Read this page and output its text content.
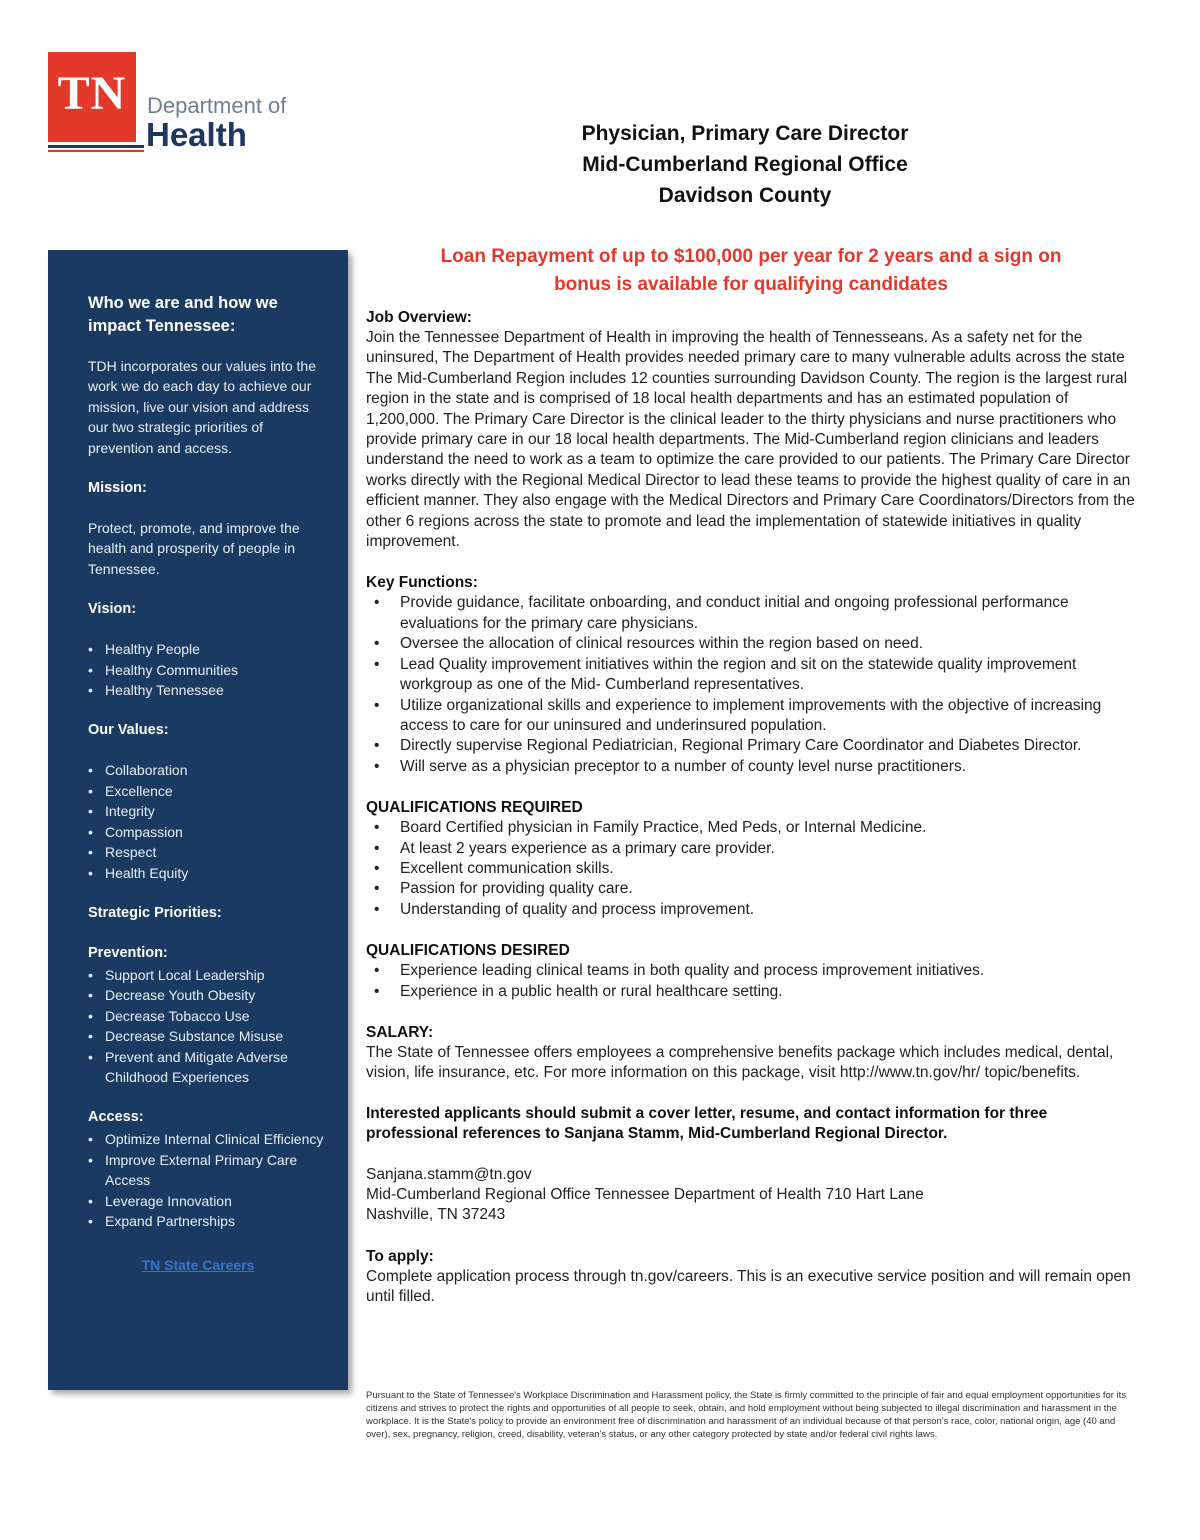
TN Department of
Health	Physician, Primary Care Director
Mid-Cumberland Regional Office
Davidson County
Who we are and how we impact Tennessee:

TDH incorporates our values into the work we do each day to achieve our mission, live our vision and address our two strategic priorities of prevention and access.

Mission:

Protect, promote, and improve the health and prosperity of people in Tennessee.

Vision:
• Healthy People
• Healthy Communities
• Healthy Tennessee
Our Values:
• Collaboration
• Excellence
• Integrity
• Compassion
• Respect
• Health Equity
Strategic Priorities:
Prevention:
• Support Local Leadership
• Decrease Youth Obesity
• Decrease Tobacco Use
• Decrease Substance Misuse
• Prevent and Mitigate Adverse Childhood Experiences
Access:
• Optimize Internal Clinical Efficiency
• Improve External Primary Care Access
• Leverage Innovation
• Expand Partnerships
TN State Careers
Loan Repayment of up to $100,000 per year for 2 years and a sign on
bonus is available for qualifying candidates
Job Overview:

Join the Tennessee Department of Health in improving the health of Tennesseans. As a safety net for the uninsured, The Department of Health provides needed primary care to many vulnerable adults across the state The Mid-Cumberland Region includes 12 counties surrounding Davidson County. The region is the largest rural region in the state and is comprised of 18 local health departments and has an estimated population of 1,200,000. The Primary Care Director is the clinical leader to the thirty physicians and nurse practitioners who provide primary care in our 18 local health departments. The Mid-Cumberland region clinicians and leaders understand the need to work as a team to optimize the care provided to our patients. The Primary Care Director works directly with the Regional Medical Director to lead these teams to provide the highest quality of care in an efficient manner. They also engage with the Medical Directors and Primary Care Coordinators/Directors from the other 6 regions across the state to promote and lead the implementation of statewide initiatives in quality improvement.

Key Functions:
• Provide guidance, facilitate onboarding, and conduct initial and ongoing professional performance evaluations for the primary care physicians.
• Oversee the allocation of clinical resources within the region based on need.
• Lead Quality improvement initiatives within the region and sit on the statewide quality improvement workgroup as one of the Mid- Cumberland representatives.
• Utilize organizational skills and experience to implement improvements with the objective of increasing access to care for our uninsured and underinsured population.
• Directly supervise Regional Pediatrician, Regional Primary Care Coordinator and Diabetes Director.
• Will serve as a physician preceptor to a number of county level nurse practitioners.
QUALIFICATIONS REQUIRED
• Board Certified physician in Family Practice, Med Peds, or Internal Medicine.
• At least 2 years experience as a primary care provider.
• Excellent communication skills.
• Passion for providing quality care.
• Understanding of quality and process improvement.
QUALIFICATIONS DESIRED
• Experience leading clinical teams in both quality and process improvement initiatives.
• Experience in a public health or rural healthcare setting.
SALARY:

The State of Tennessee offers employees a comprehensive benefits package which includes medical, dental, vision, life insurance, etc. For more information on this package, visit http://www.tn.gov/hr/ topic/benefits.

Interested applicants should submit a cover letter, resume, and contact information for three professional references to Sanjana Stamm, Mid-Cumberland Regional Director.

Sanjana.stamm@tn.gov

Mid-Cumberland Regional Office Tennessee Department of Health 710 Hart Lane

Nashville, TN 37243

To apply:

Complete application process through tn.gov/careers. This is an executive service position and will remain open until filled.

Pursuant to the State of Tennessee's Workplace Discrimination and Harassment policy, the State is firmly committed to the principle of fair and equal employment opportunities for its citizens and strives to protect the rights and opportunities of all people to seek, obtain, and hold employment without being subjected to illegal discrimination and harassment in the workplace. It is the State's policy to provide an environment free of discrimination and harassment of an individual because of that person's race, color, national origin, age (40 and over), sex, pregnancy, religion, creed, disability, veteran's status, or any other category protected by state and/or federal civil rights laws.
